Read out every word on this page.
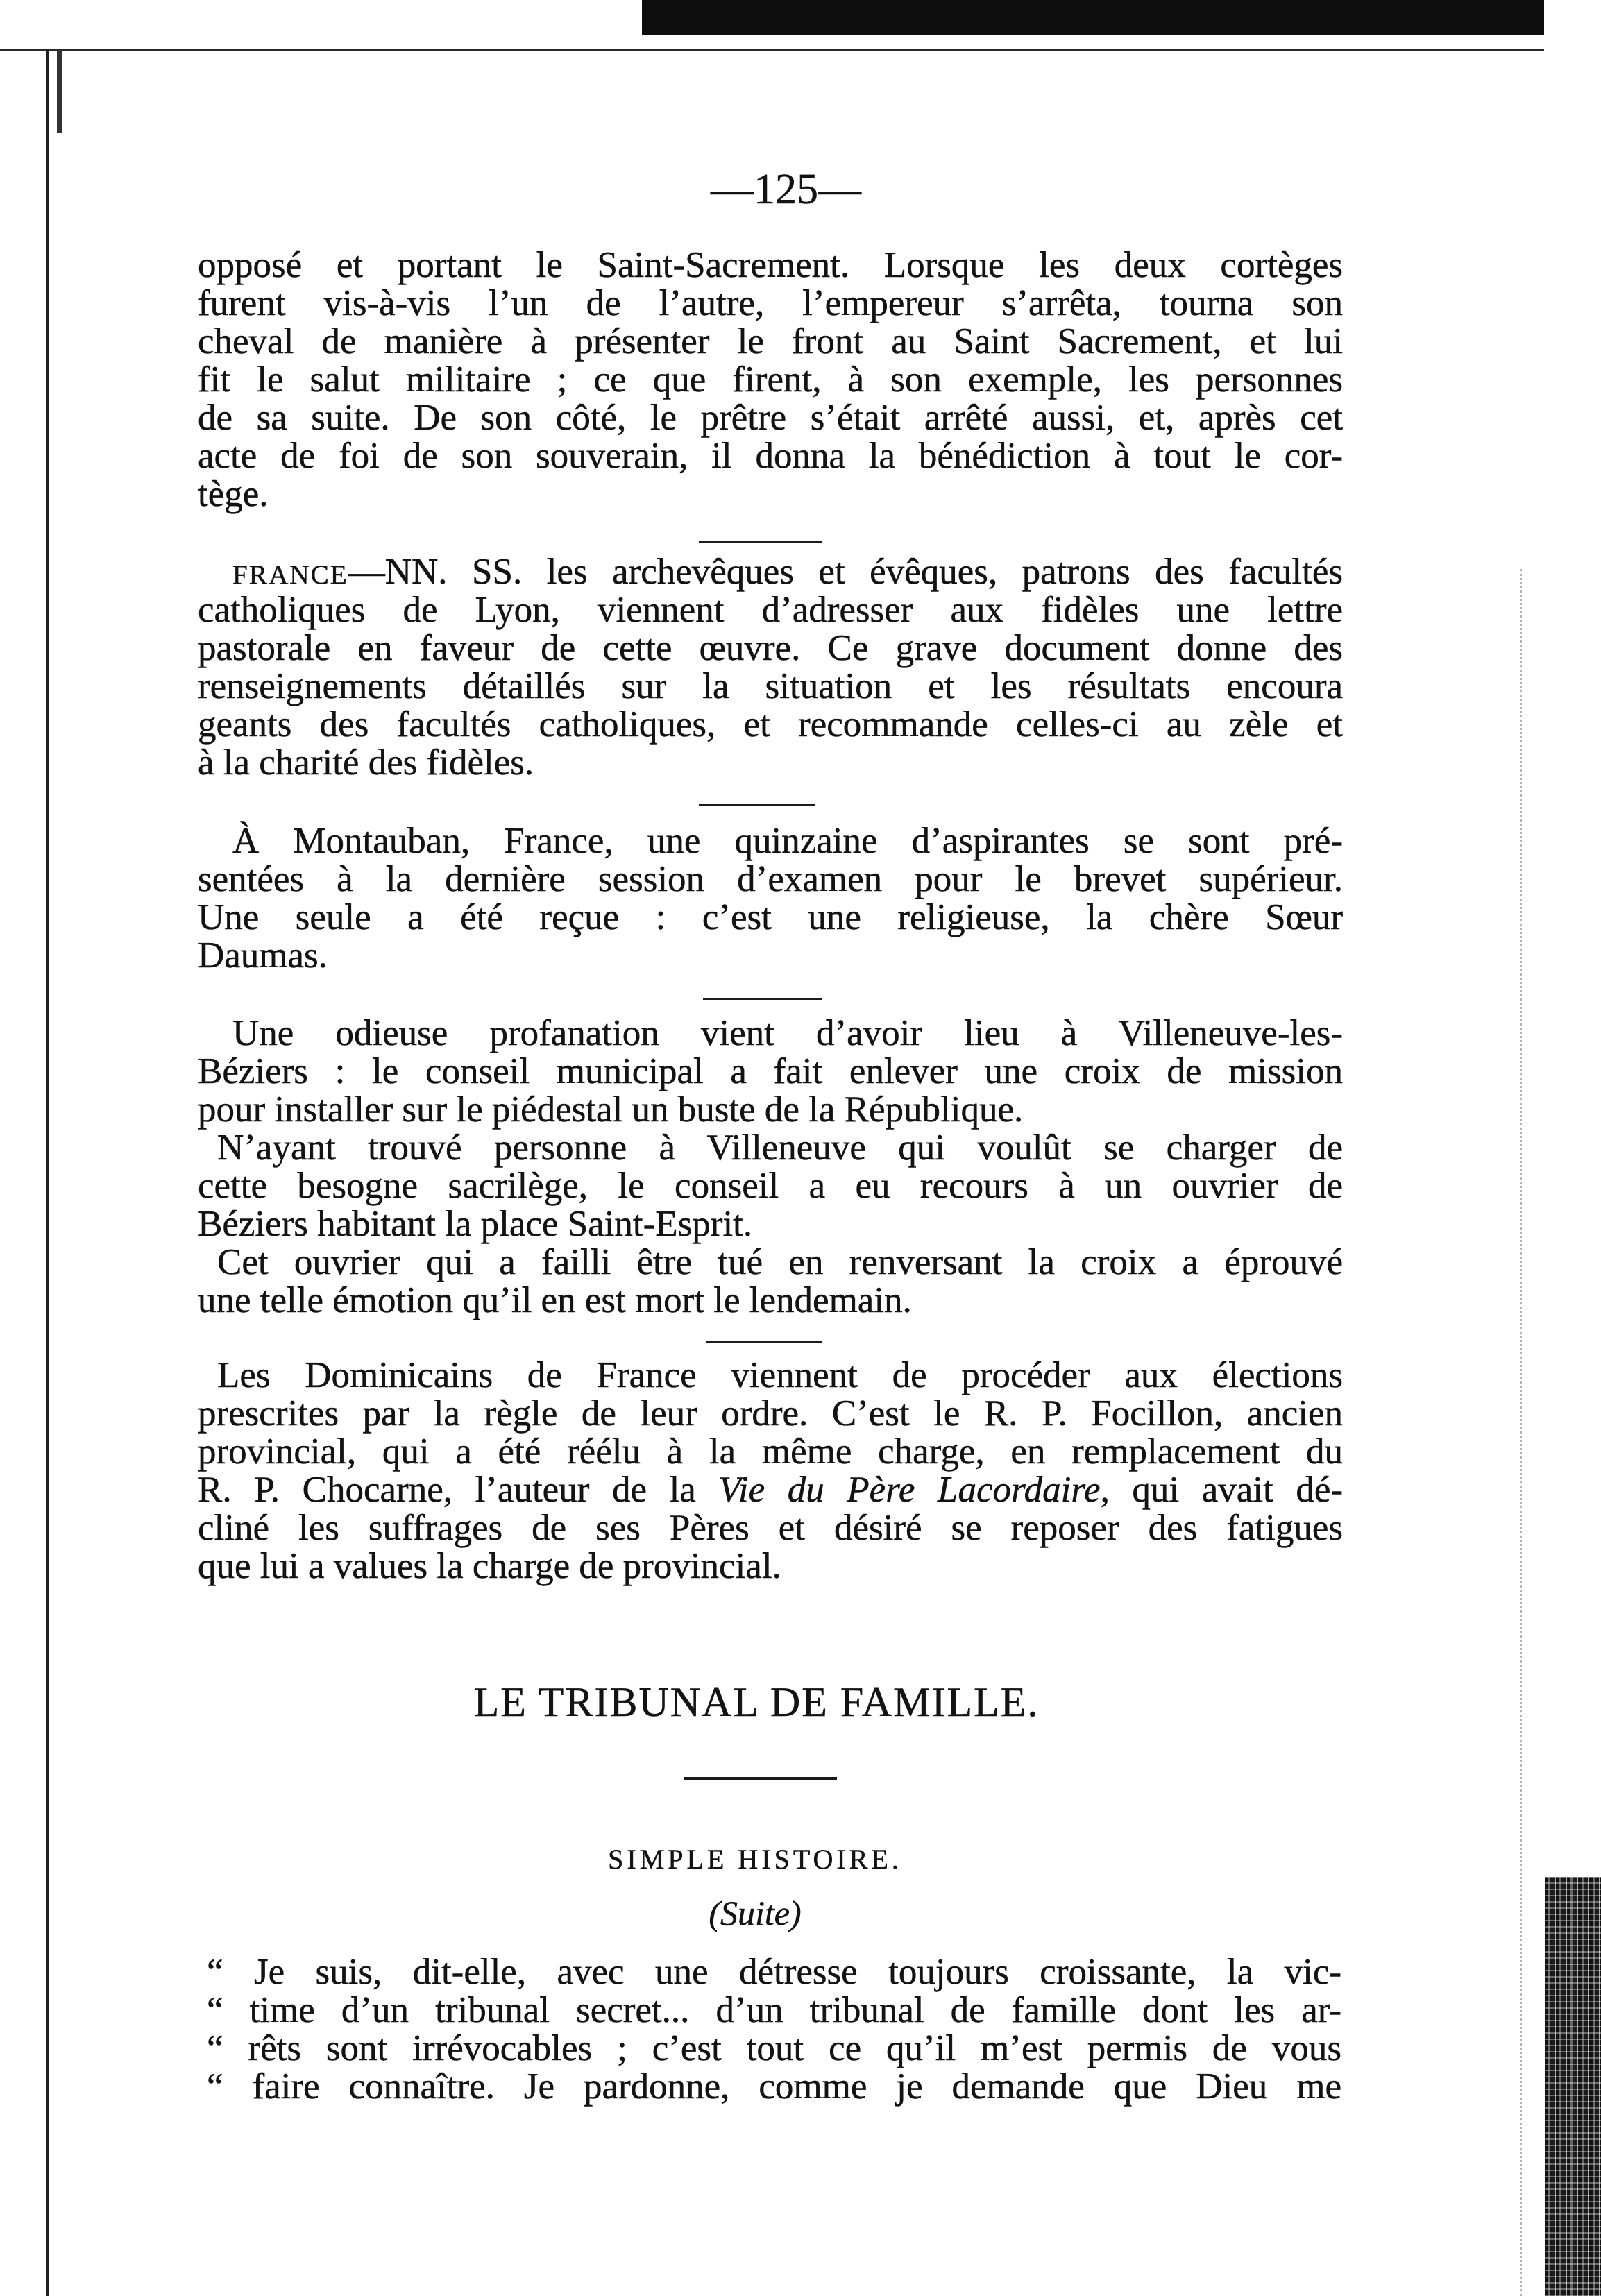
—125—
opposé et portant le Saint-Sacrement. Lorsque les deux cortèges
furent vis-à-vis l’un de l’autre, l’empereur s’arrêta, tourna son
cheval de manière à présenter le front au Saint Sacrement, et lui
fit le salut militaire ; ce que firent, à son exemple, les personnes
de sa suite. De son côté, le prêtre s’était arrêté aussi, et, après cet
acte de foi de son souverain, il donna la bénédiction à tout le cor-
tège.
FRANCE—NN. SS. les archevêques et évêques, patrons des facultés
catholiques de Lyon, viennent d’adresser aux fidèles une lettre
pastorale en faveur de cette œuvre. Ce grave document donne des
renseignements détaillés sur la situation et les résultats encoura
geants des facultés catholiques, et recommande celles-ci au zèle et
à la charité des fidèles.
À Montauban, France, une quinzaine d’aspirantes se sont pré-
sentées à la dernière session d’examen pour le brevet supérieur.
Une seule a été reçue : c’est une religieuse, la chère Sœur
Daumas.
Une odieuse profanation vient d’avoir lieu à Villeneuve-les-
Béziers : le conseil municipal a fait enlever une croix de mission
pour installer sur le piédestal un buste de la République.
N’ayant trouvé personne à Villeneuve qui voulût se charger de
cette besogne sacrilège, le conseil a eu recours à un ouvrier de
Béziers habitant la place Saint-Esprit.
Cet ouvrier qui a failli être tué en renversant la croix a éprouvé
une telle émotion qu’il en est mort le lendemain.
Les Dominicains de France viennent de procéder aux élections
prescrites par la règle de leur ordre. C’est le R. P. Focillon, ancien
provincial, qui a été réélu à la même charge, en remplacement du
R. P. Chocarne, l’auteur de la Vie du Père Lacordaire, qui avait dé-
cliné les suffrages de ses Pères et désiré se reposer des fatigues
que lui a values la charge de provincial.
LE TRIBUNAL DE FAMILLE.
SIMPLE HISTOIRE.
(Suite)
“ Je suis, dit-elle, avec une détresse toujours croissante, la vic-
“ time d’un tribunal secret... d’un tribunal de famille dont les ar-
“ rêts sont irrévocables ; c’est tout ce qu’il m’est permis de vous
“ faire connaître. Je pardonne, comme je demande que Dieu me
